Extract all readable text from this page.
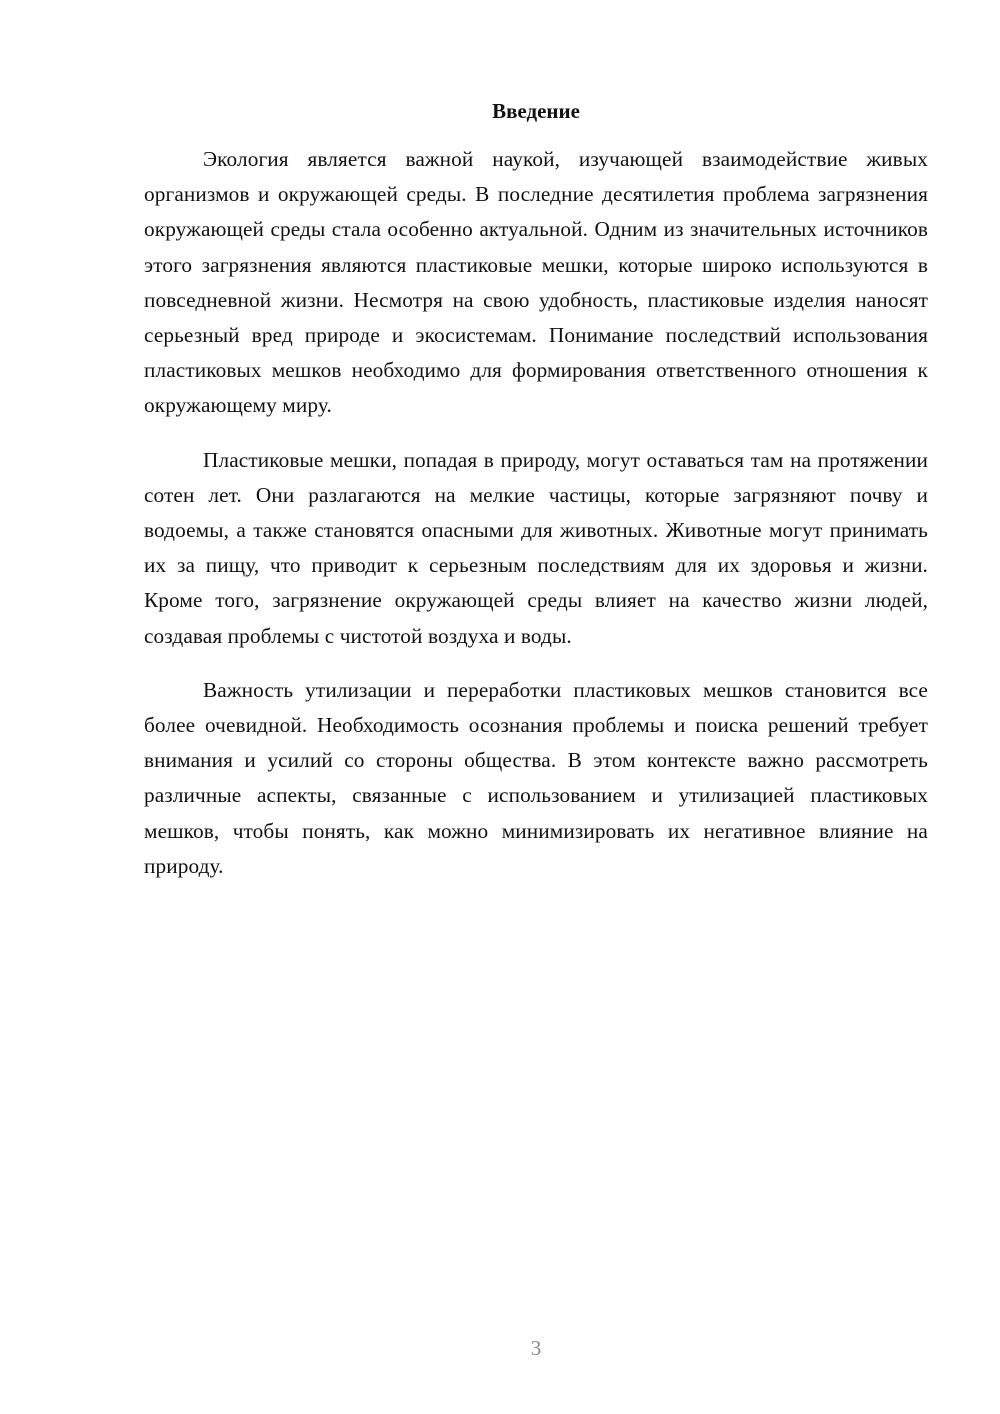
Введение

Экология является важной наукой, изучающей взаимодействие живых организмов и окружающей среды. В последние десятилетия проблема загрязнения окружающей среды стала особенно актуальной. Одним из значительных источников этого загрязнения являются пластиковые мешки, которые широко используются в повседневной жизни. Несмотря на свою удобность, пластиковые изделия наносят серьезный вред природе и экосистемам. Понимание последствий использования пластиковых мешков необходимо для формирования ответственного отношения к окружающему миру.

Пластиковые мешки, попадая в природу, могут оставаться там на протяжении сотен лет. Они разлагаются на мелкие частицы, которые загрязняют почву и водоемы, а также становятся опасными для животных. Животные могут принимать их за пищу, что приводит к серьезным последствиям для их здоровья и жизни. Кроме того, загрязнение окружающей среды влияет на качество жизни людей, создавая проблемы с чистотой воздуха и воды.

Важность утилизации и переработки пластиковых мешков становится все более очевидной. Необходимость осознания проблемы и поиска решений требует внимания и усилий со стороны общества. В этом контексте важно рассмотреть различные аспекты, связанные с использованием и утилизацией пластиковых мешков, чтобы понять, как можно минимизировать их негативное влияние на природу.

3
